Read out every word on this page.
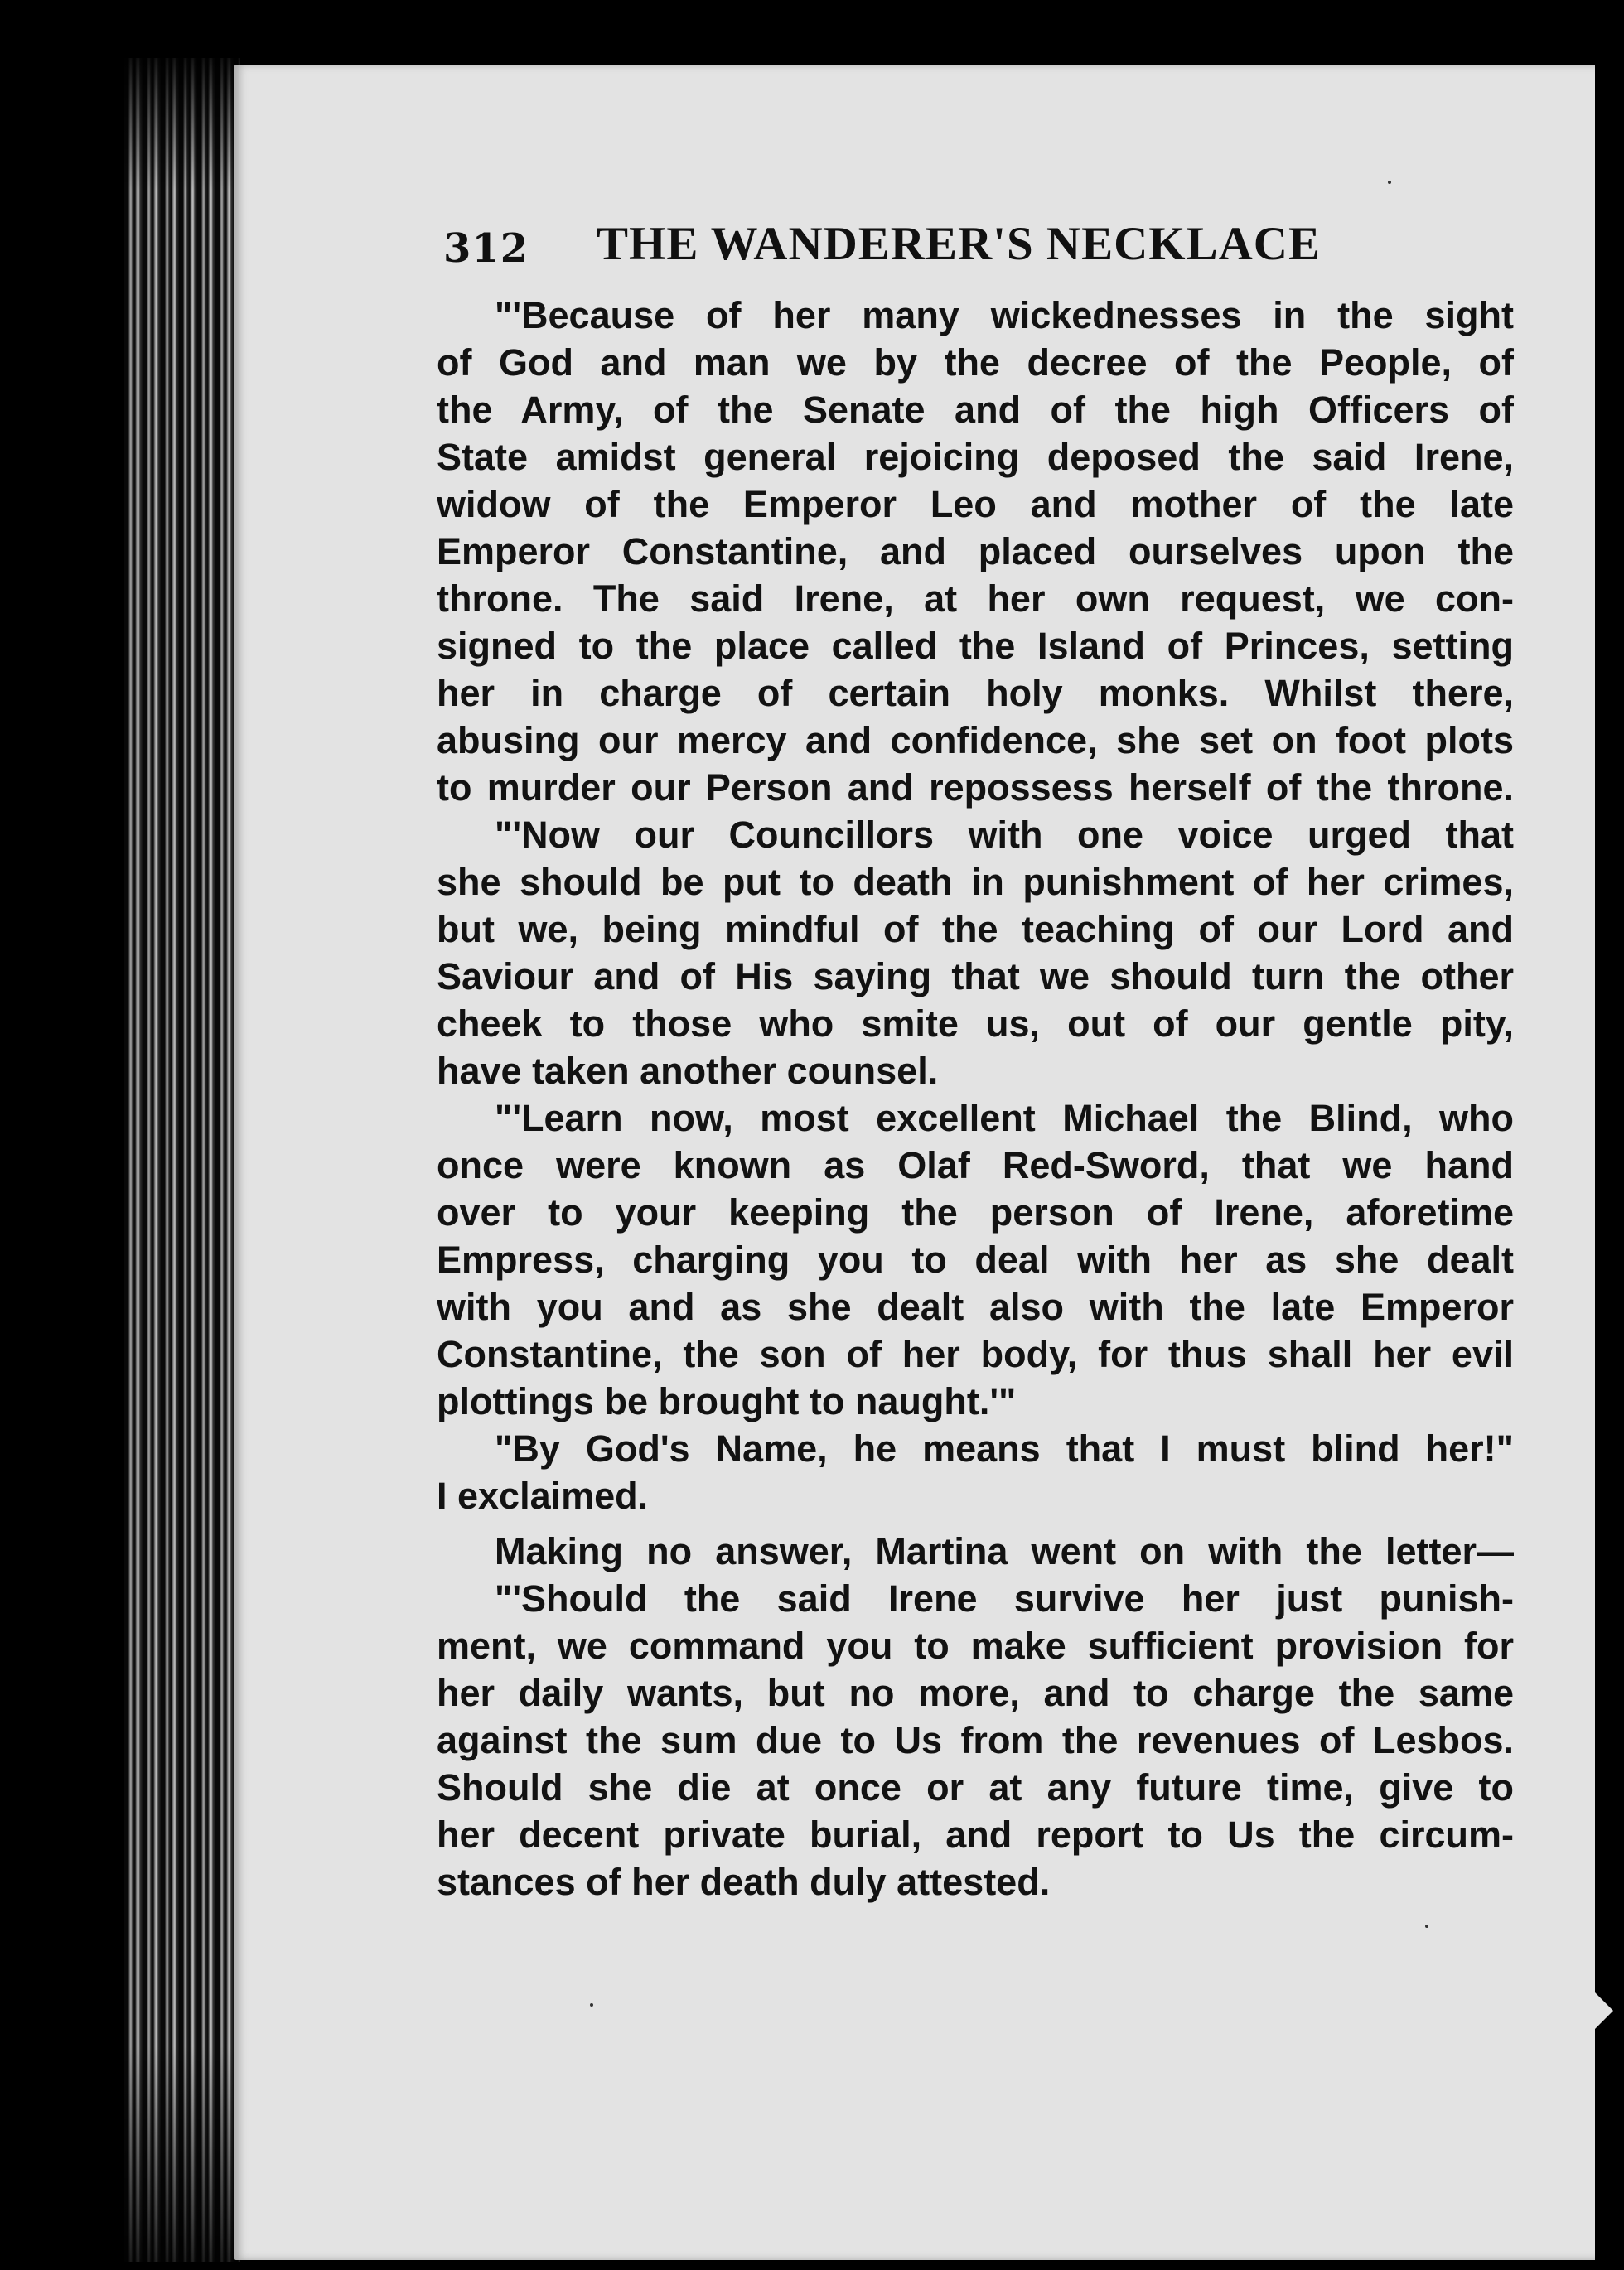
312 THE WANDERER'S NECKLACE
"'Because of her many wickednesses in the sight
of God and man we by the decree of the People, of
the Army, of the Senate and of the high Officers of
State amidst general rejoicing deposed the said Irene,
widow of the Emperor Leo and mother of the late
Emperor Constantine, and placed ourselves upon the
throne. The said Irene, at her own request, we con-
signed to the place called the Island of Princes, setting
her in charge of certain holy monks. Whilst there,
abusing our mercy and confidence, she set on foot plots
to murder our Person and repossess herself of the throne.
"'Now our Councillors with one voice urged that
she should be put to death in punishment of her crimes,
but we, being mindful of the teaching of our Lord and
Saviour and of His saying that we should turn the other
cheek to those who smite us, out of our gentle pity,
have taken another counsel.
"'Learn now, most excellent Michael the Blind, who
once were known as Olaf Red-Sword, that we hand
over to your keeping the person of Irene, aforetime
Empress, charging you to deal with her as she dealt
with you and as she dealt also with the late Emperor
Constantine, the son of her body, for thus shall her evil
plottings be brought to naught.'"
"By God's Name, he means that I must blind her!"
I exclaimed.
Making no answer, Martina went on with the letter—
"'Should the said Irene survive her just punish-
ment, we command you to make sufficient provision for
her daily wants, but no more, and to charge the same
against the sum due to Us from the revenues of Lesbos.
Should she die at once or at any future time, give to
her decent private burial, and report to Us the circum-
stances of her death duly attested.
